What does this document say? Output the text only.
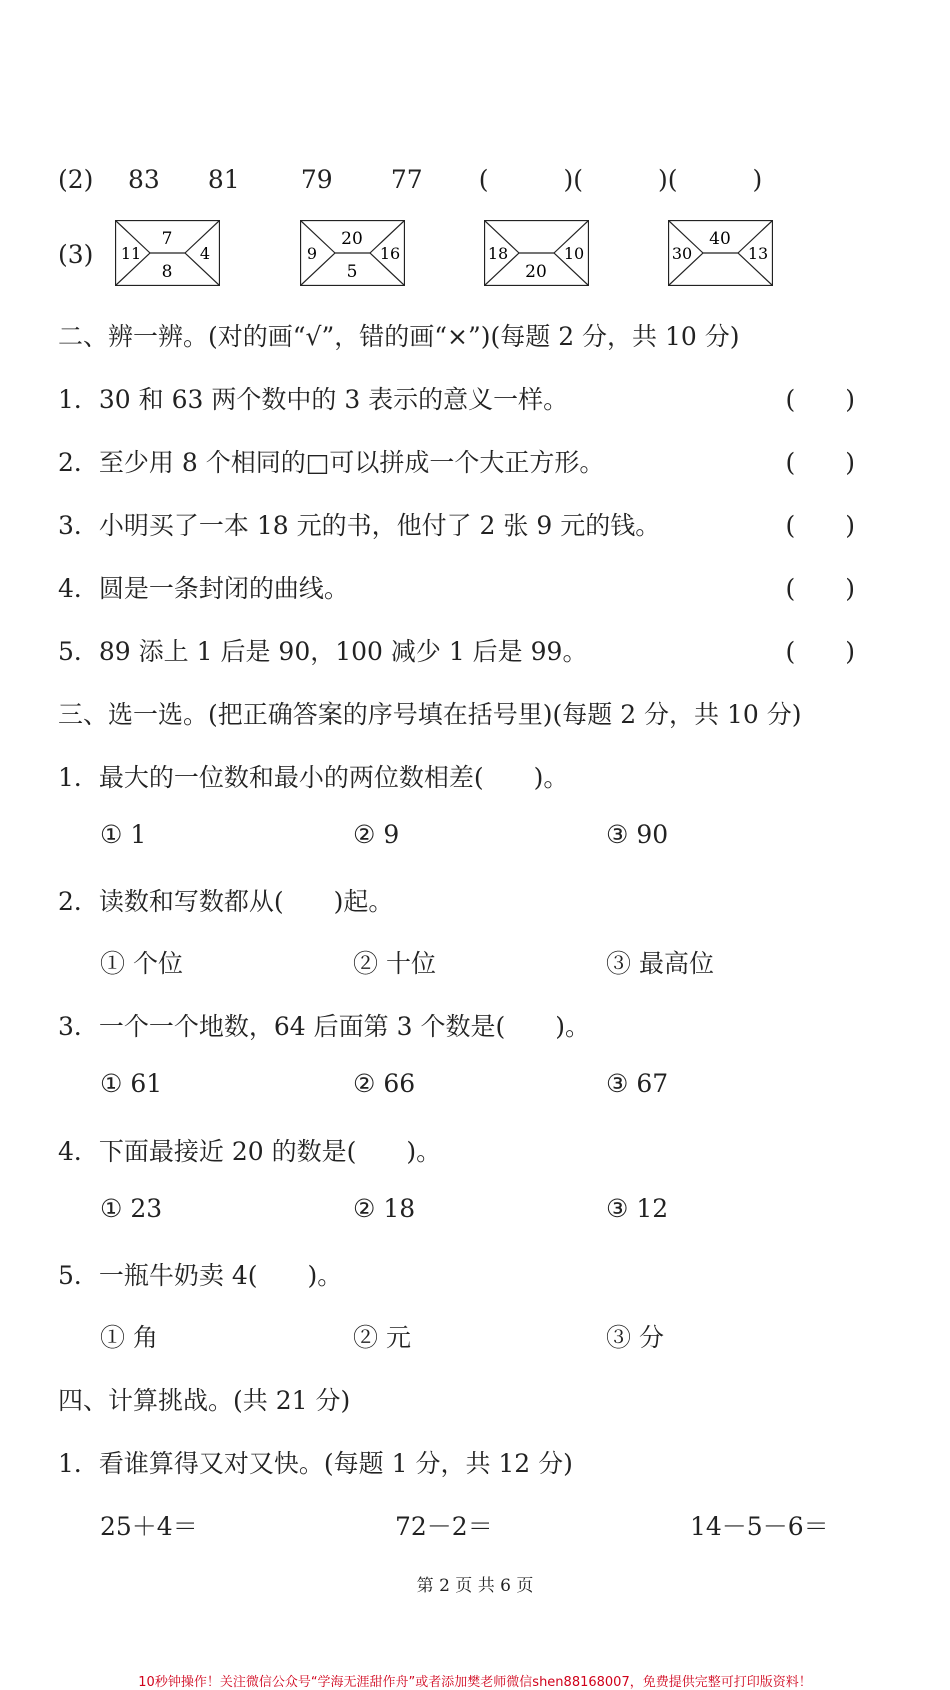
(2) 83 81 79 77 (　　　)(　　　)(　　　)
(3)
7
8
11	4
20
5
9	16
20
18	10
40
30	13
二、辨一辨。(对的画“√”，错的画“×”)(每题 2 分，共 10 分)
1．30 和 63 两个数中的 3 表示的意义一样。	(　　)
2．至少用 8 个相同的□可以拼成一个大正方形。	(　　)
3．小明买了一本 18 元的书，他付了 2 张 9 元的钱。	(　　)
4．圆是一条封闭的曲线。	(　　)
5．89 添上 1 后是 90，100 减少 1 后是 99。	(　　)
三、选一选。(把正确答案的序号填在括号里)(每题 2 分，共 10 分)
1．最大的一位数和最小的两位数相差(　　)。
① 1	② 9	③ 90
2．读数和写数都从(　　)起。
① 个位	② 十位	③ 最高位
3．一个一个地数，64 后面第 3 个数是(　　)。
① 61	② 66	③ 67
4．下面最接近 20 的数是(　　)。
① 23	② 18	③ 12
5．一瓶牛奶卖 4(　　)。
① 角	② 元	③ 分
四、计算挑战。(共 21 分)
1．看谁算得又对又快。(每题 1 分，共 12 分)
25＋4＝	72－2＝	14－5－6＝
第 2 页 共 6 页
10秒钟操作！关注微信公众号“学海无涯甜作舟”或者添加樊老师微信shen88168007，免费提供完整可打印版资料！
